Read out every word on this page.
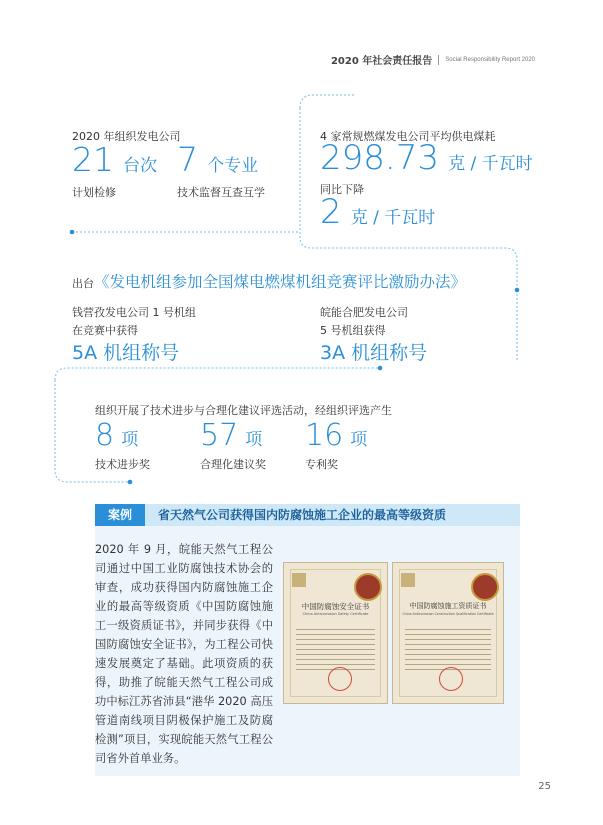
2020 年社会责任报告 Social Responsibility Report 2020
2020 年组织发电公司
21 台次
计划检修
7 个专业
技术监督互查互学
4 家常规燃煤发电公司平均供电煤耗
298.73 克 / 千瓦时
同比下降
2 克 / 千瓦时
出台《发电机组参加全国煤电燃煤机组竞赛评比激励办法》
钱营孜发电公司 1 号机组
在竞赛中获得
5A 机组称号
皖能合肥发电公司
5 号机组获得
3A 机组称号
组织开展了技术进步与合理化建议评选活动，经组织评选产生
8 项
技术进步奖
57 项
合理化建议奖
16 项
专利奖
案例	省天然气公司获得国内防腐蚀施工企业的最高等级资质
2020 年 9 月，皖能天然气工程公司通过中国工业防腐蚀技术协会的审查，成功获得国内防腐蚀施工企业的最高等级资质《中国防腐蚀施工一级资质证书》，并同步获得《中国防腐蚀安全证书》，为工程公司快速发展奠定了基础。此项资质的获得，助推了皖能天然气工程公司成功中标江苏省沛县“港华 2020 高压管道南线项目阴极保护施工及防腐检测”项目，实现皖能天然气工程公司省外首单业务。
中国防腐蚀安全证书
China Anticorrosion Safety Certificate
中国防腐蚀施工资质证书
China Anticorrosion Construction Qualification Certificate
25
